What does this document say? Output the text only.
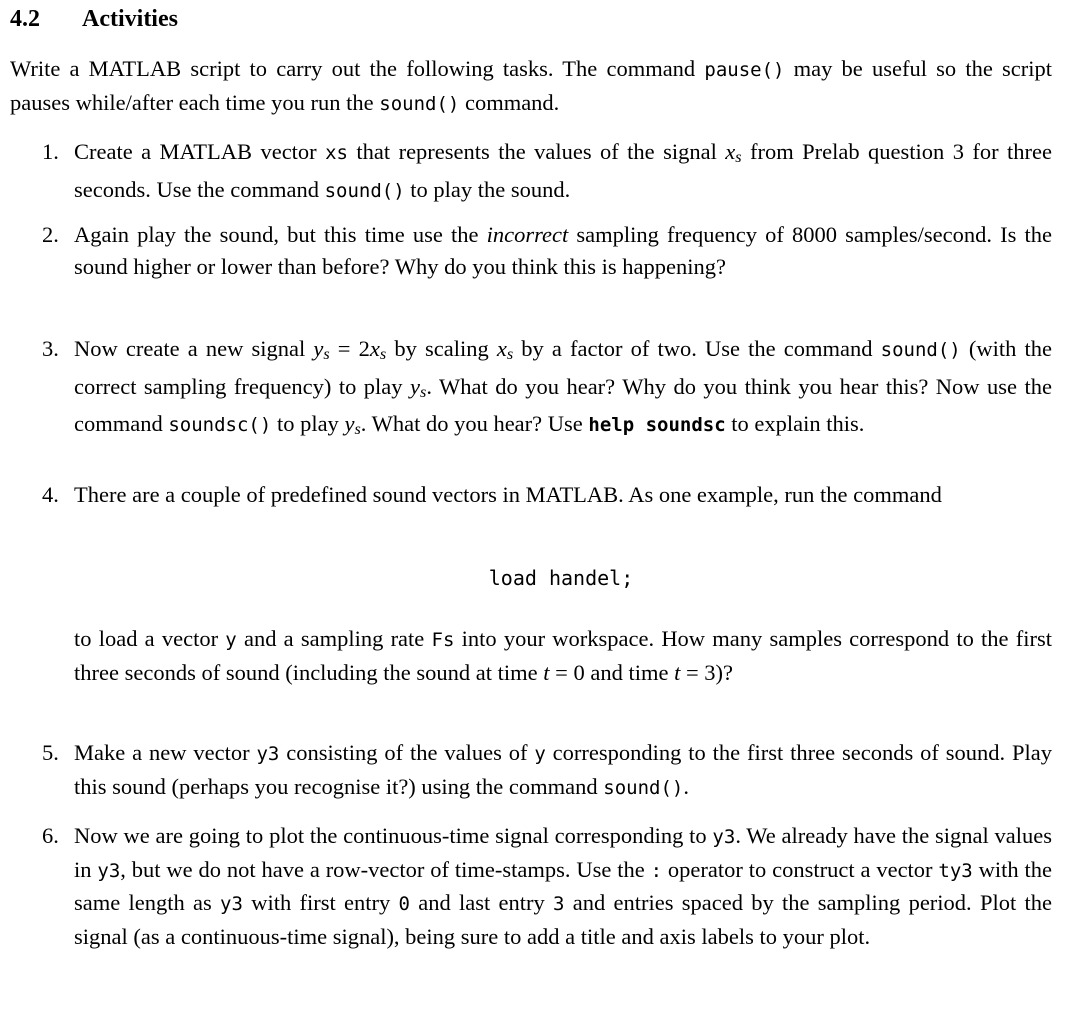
4.2 Activities
Write a MATLAB script to carry out the following tasks. The command pause() may be useful so the script pauses while/after each time you run the sound() command.
1. Create a MATLAB vector xs that represents the values of the signal $x_s$ from Prelab question 3 for three seconds. Use the command sound() to play the sound.
2. Again play the sound, but this time use the incorrect sampling frequency of 8000 samples/second. Is the sound higher or lower than before? Why do you think this is happening?
3. Now create a new signal $y_s = 2x_s$ by scaling $x_s$ by a factor of two. Use the command sound() (with the correct sampling frequency) to play $y_s$. What do you hear? Why do you think you hear this? Now use the command soundsc() to play $y_s$. What do you hear? Use help soundsc to explain this.
4. There are a couple of predefined sound vectors in MATLAB. As one example, run the command
load handel;
to load a vector y and a sampling rate Fs into your workspace. How many samples correspond to the first three seconds of sound (including the sound at time t = 0 and time t = 3)?
5. Make a new vector y3 consisting of the values of y corresponding to the first three seconds of sound. Play this sound (perhaps you recognise it?) using the command sound().
6. Now we are going to plot the continuous-time signal corresponding to y3. We already have the signal values in y3, but we do not have a row-vector of time-stamps. Use the : operator to construct a vector ty3 with the same length as y3 with first entry 0 and last entry 3 and entries spaced by the sampling period. Plot the signal (as a continuous-time signal), being sure to add a title and axis labels to your plot.
